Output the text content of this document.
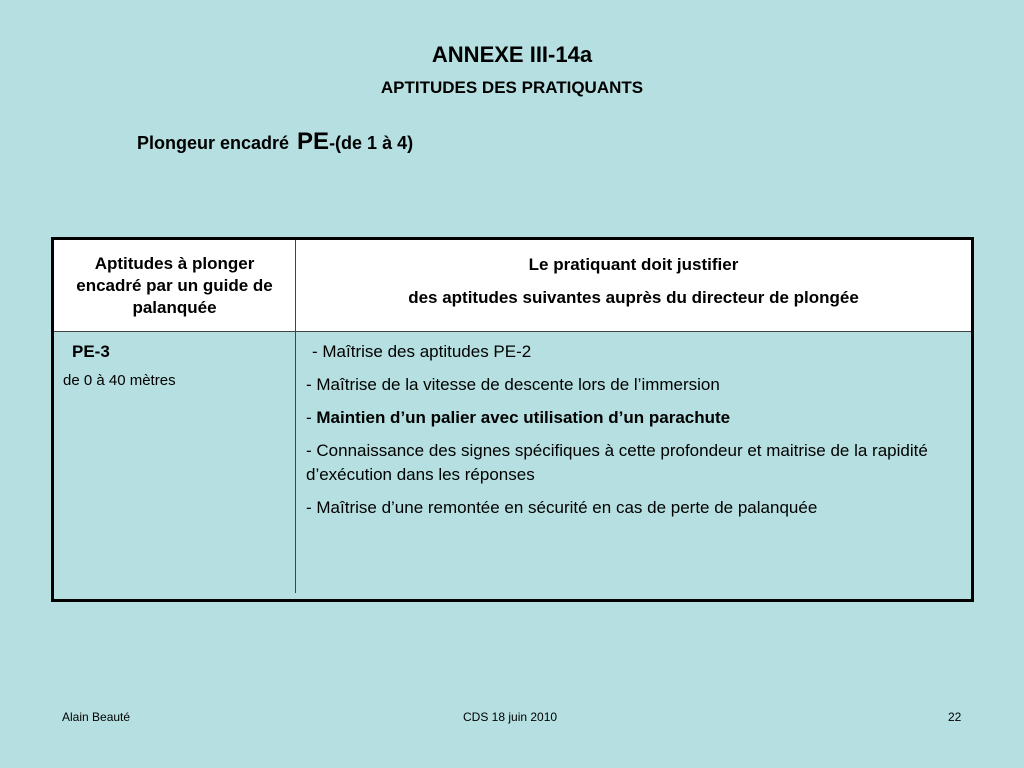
ANNEXE III-14a
APTITUDES DES PRATIQUANTS
Plongeur encadré PE-(de 1 à 4)
Aptitudes à plonger encadré par un guide de palanquée
Le pratiquant doit justifier
des aptitudes suivantes auprès du directeur de plongée
PE-3
de 0 à 40 mètres
- Maîtrise des aptitudes PE-2
- Maîtrise de la vitesse de descente lors de l’immersion
- Maintien d’un palier avec utilisation d’un parachute
- Connaissance des signes spécifiques à cette profondeur et maitrise de la rapidité d’exécution dans les réponses
- Maîtrise d’une remontée en sécurité en cas de perte de palanquée
Alain Beauté	CDS 18 juin 2010	22
